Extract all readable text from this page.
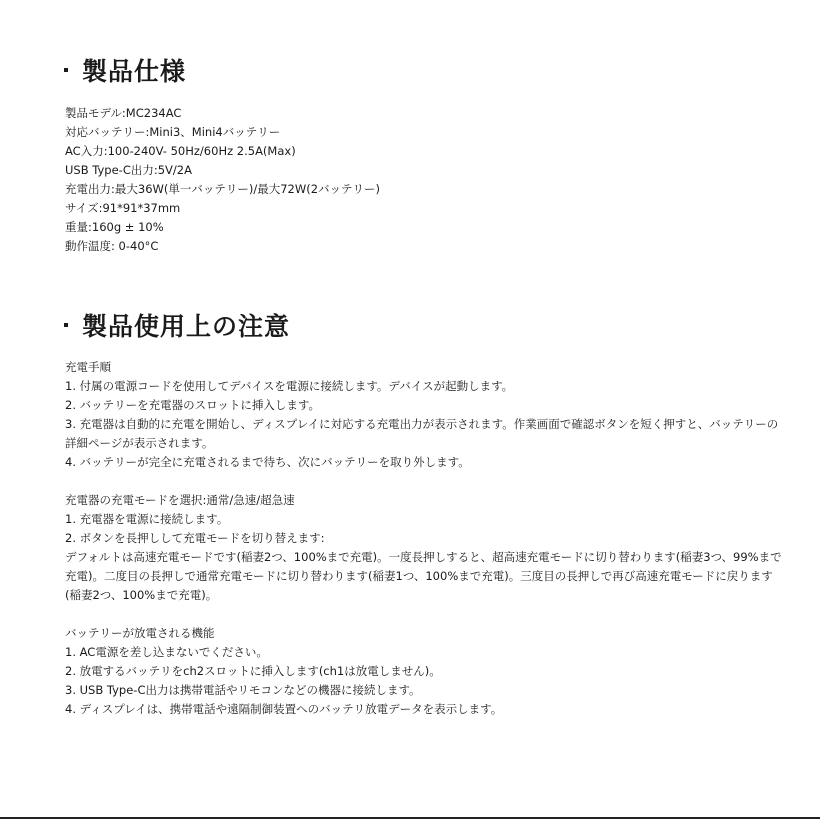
製品仕様
製品モデル:MC234AC
対応バッテリー:Mini3、Mini4バッテリー
AC入力:100-240V- 50Hz/60Hz 2.5A(Max)
USB Type-C出力:5V/2A
充電出力:最大36W(単一バッテリー)/最大72W(2バッテリー)
サイズ:91*91*37mm
重量:160g ± 10%
動作温度: 0-40°C
製品使用上の注意
充電手順
1. 付属の電源コードを使用してデバイスを電源に接続します。デバイスが起動します。
2. バッテリーを充電器のスロットに挿入します。
3. 充電器は自動的に充電を開始し、ディスプレイに対応する充電出力が表示されます。作業画面で確認ボタンを短く押すと、バッテリーの詳細ページが表示されます。
4. バッテリーが完全に充電されるまで待ち、次にバッテリーを取り外します。
充電器の充電モードを選択:通常/急速/超急速
1. 充電器を電源に接続します。
2. ボタンを長押しして充電モードを切り替えます:
デフォルトは高速充電モードです(稲妻2つ、100%まで充電)。一度長押しすると、超高速充電モードに切り替わります(稲妻3つ、99%まで充電)。二度目の長押しで通常充電モードに切り替わります(稲妻1つ、100%まで充電)。三度目の長押しで再び高速充電モードに戻ります(稲妻2つ、100%まで充電)。
バッテリーが放電される機能
1. AC電源を差し込まないでください。
2. 放電するバッテリをch2スロットに挿入します(ch1は放電しません)。
3. USB Type-C出力は携帯電話やリモコンなどの機器に接続します。
4. ディスプレイは、携帯電話や遠隔制御装置へのバッテリ放電データを表示します。
